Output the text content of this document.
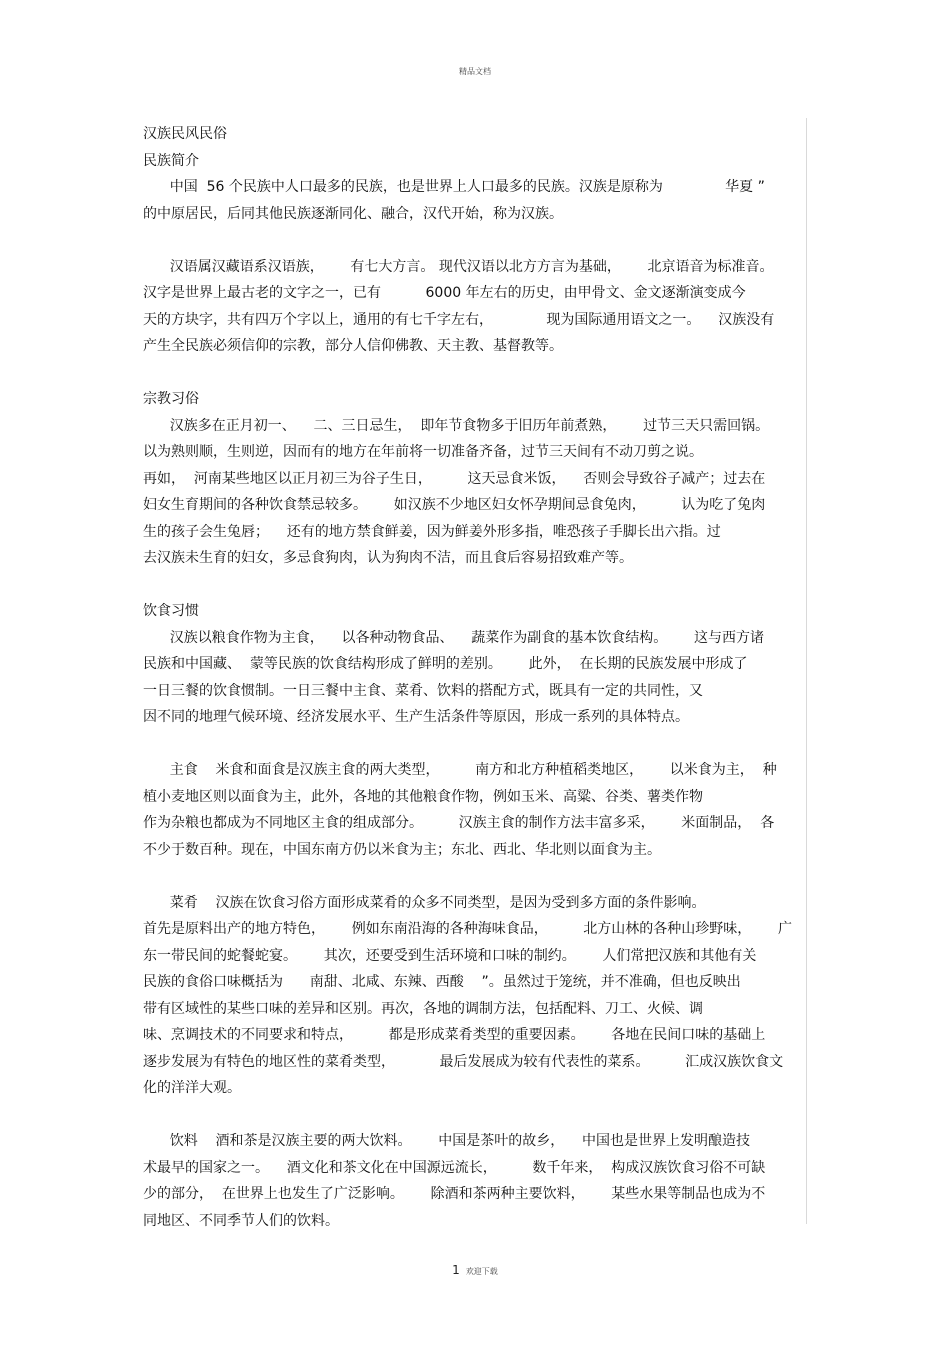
精品文档
汉族民风民俗
民族简介
中国  56 个民族中人口最多的民族，也是世界上人口最多的民族。汉族是原称为              华夏 ”
的中原居民，后同其他民族逐渐同化、融合，汉代开始，称为汉族。
汉语属汉藏语系汉语族，      有七大方言。 现代汉语以北方方言为基础，      北京语音为标准音。
汉字是世界上最古老的文字之一，已有          6000 年左右的历史，由甲骨文、金文逐渐演变成今
天的方块字，共有四万个字以上，通用的有七千字左右，            现为国际通用语文之一。    汉族没有
产生全民族必须信仰的宗教，部分人信仰佛教、天主教、基督教等。
宗教习俗
汉族多在正月初一、    二、三日忌生，  即年节食物多于旧历年前煮熟，      过节三天只需回锅。
以为熟则顺，生则逆，因而有的地方在年前将一切准备齐备，过节三天间有不动刀剪之说。
再如，  河南某些地区以正月初三为谷子生日，        这天忌食米饭，    否则会导致谷子减产；过去在
妇女生育期间的各种饮食禁忌较多。      如汉族不少地区妇女怀孕期间忌食兔肉，        认为吃了兔肉
生的孩子会生兔唇；    还有的地方禁食鲜姜，因为鲜姜外形多指，唯恐孩子手脚长出六指。过
去汉族未生育的妇女，多忌食狗肉，认为狗肉不洁，而且食后容易招致难产等。
饮食习惯
汉族以粮食作物为主食，    以各种动物食品、    蔬菜作为副食的基本饮食结构。      这与西方诸
民族和中国藏、  蒙等民族的饮食结构形成了鲜明的差别。      此外，  在长期的民族发展中形成了
一日三餐的饮食惯制。一日三餐中主食、菜肴、饮料的搭配方式，既具有一定的共同性，又
因不同的地理气候环境、经济发展水平、生产生活条件等原因，形成一系列的具体特点。
主食    米食和面食是汉族主食的两大类型，        南方和北方种植稻类地区，      以米食为主，  种
植小麦地区则以面食为主，此外，各地的其他粮食作物，例如玉米、高粱、谷类、薯类作物
作为杂粮也都成为不同地区主食的组成部分。        汉族主食的制作方法丰富多采，      米面制品，  各
不少于数百种。现在，中国东南方仍以米食为主；东北、西北、华北则以面食为主。
菜肴    汉族在饮食习俗方面形成菜肴的众多不同类型，是因为受到多方面的条件影响。
首先是原料出产的地方特色，      例如东南沿海的各种海味食品，        北方山林的各种山珍野味，      广
东一带民间的蛇餐蛇宴。      其次，还要受到生活环境和口味的制约。      人们常把汉族和其他有关
民族的食俗口味概括为      南甜、北咸、东辣、西酸    ”。虽然过于笼统，并不准确，但也反映出
带有区域性的某些口味的差异和区别。再次，各地的调制方法，包括配料、刀工、火候、调
味、烹调技术的不同要求和特点，        都是形成菜肴类型的重要因素。      各地在民间口味的基础上
逐步发展为有特色的地区性的菜肴类型，          最后发展成为较有代表性的菜系。        汇成汉族饮食文
化的洋洋大观。
饮料    酒和茶是汉族主要的两大饮料。      中国是茶叶的故乡，    中国也是世界上发明酿造技
术最早的国家之一。    酒文化和茶文化在中国源远流长，        数千年来，  构成汉族饮食习俗不可缺
少的部分，  在世界上也发生了广泛影响。      除酒和茶两种主要饮料，      某些水果等制品也成为不
同地区、不同季节人们的饮料。
1 欢迎下载
